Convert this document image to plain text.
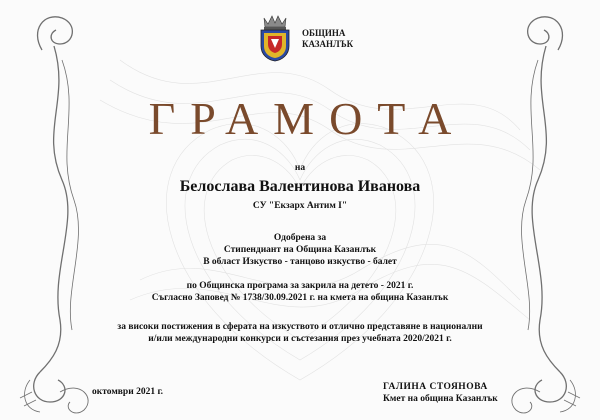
ОБЩИНА
КАЗАНЛЪК
ГРАМОТА
на
Белослава Валентинова Иванова
СУ "Екзарх Антим I"
Одобрена за
Стипендиант на Община Казанлък
В област Изкуство - танцово изкуство - балет
по Общинска програма за закрила на детето - 2021 г.
Съгласно Заповед № 1738/30.09.2021 г. на кмета на община Казанлък
за високи постижения в сферата на изкуството и отлично представяне в национални
и/или международни конкурси и състезания през учебната 2020/2021 г.
октомври 2021 г.	ГАЛИНА СТОЯНОВА
Кмет на община Казанлък
